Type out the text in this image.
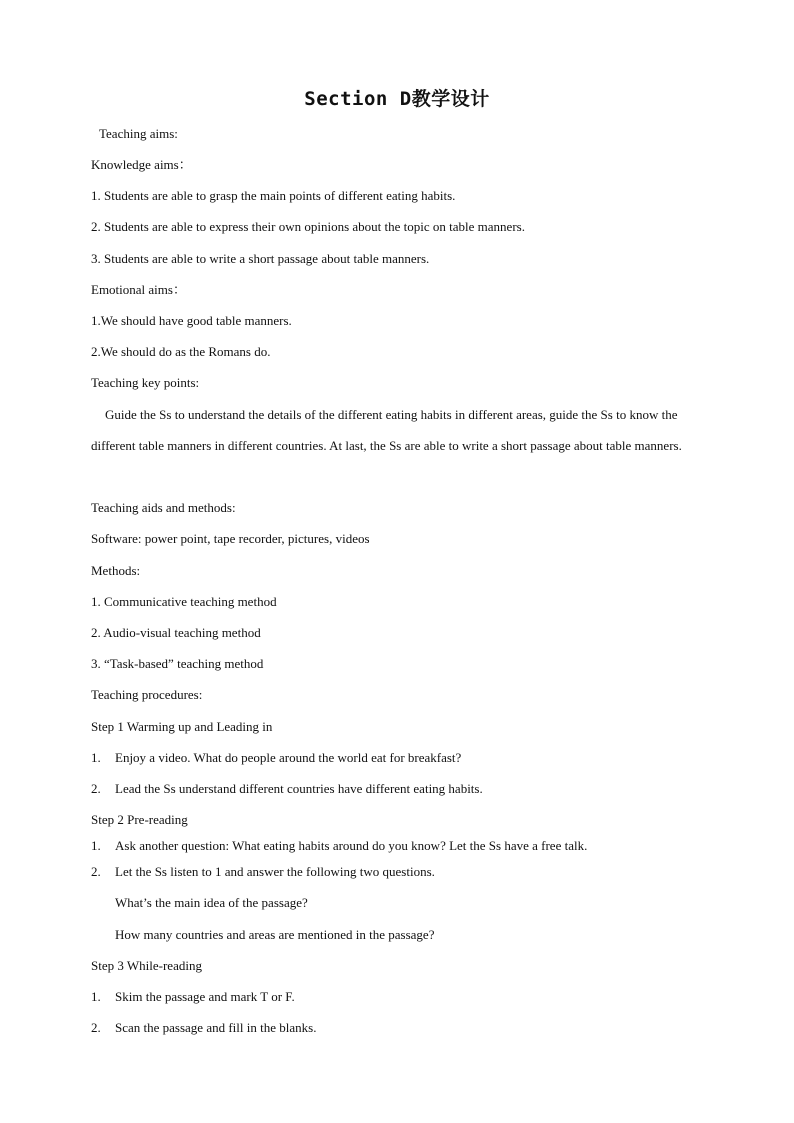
Section D教学设计
Teaching aims:
Knowledge aims：
1. Students are able to grasp the main points of different eating habits.
2. Students are able to express their own opinions about the topic on table manners.
3. Students are able to write a short passage about table manners.
Emotional aims：
1.We should have good table manners.
2.We should do as the Romans do.
Teaching key points:
Guide the Ss to understand the details of the different eating habits in different areas, guide the Ss to know the different table manners in different countries. At last, the Ss are able to write a short passage about table manners.
Teaching aids and methods:
Software: power point, tape recorder, pictures, videos
Methods:
1. Communicative teaching method
2. Audio-visual teaching method
3. “Task-based” teaching method
Teaching procedures:
Step 1 Warming up and Leading in
1. Enjoy a video. What do people around the world eat for breakfast?
2. Lead the Ss understand different countries have different eating habits.
Step 2 Pre-reading
1. Ask another question: What eating habits around do you know? Let the Ss have a free talk.
2. Let the Ss listen to 1 and answer the following two questions.
What’s the main idea of the passage?
How many countries and areas are mentioned in the passage?
Step 3 While-reading
1. Skim the passage and mark T or F.
2. Scan the passage and fill in the blanks.
